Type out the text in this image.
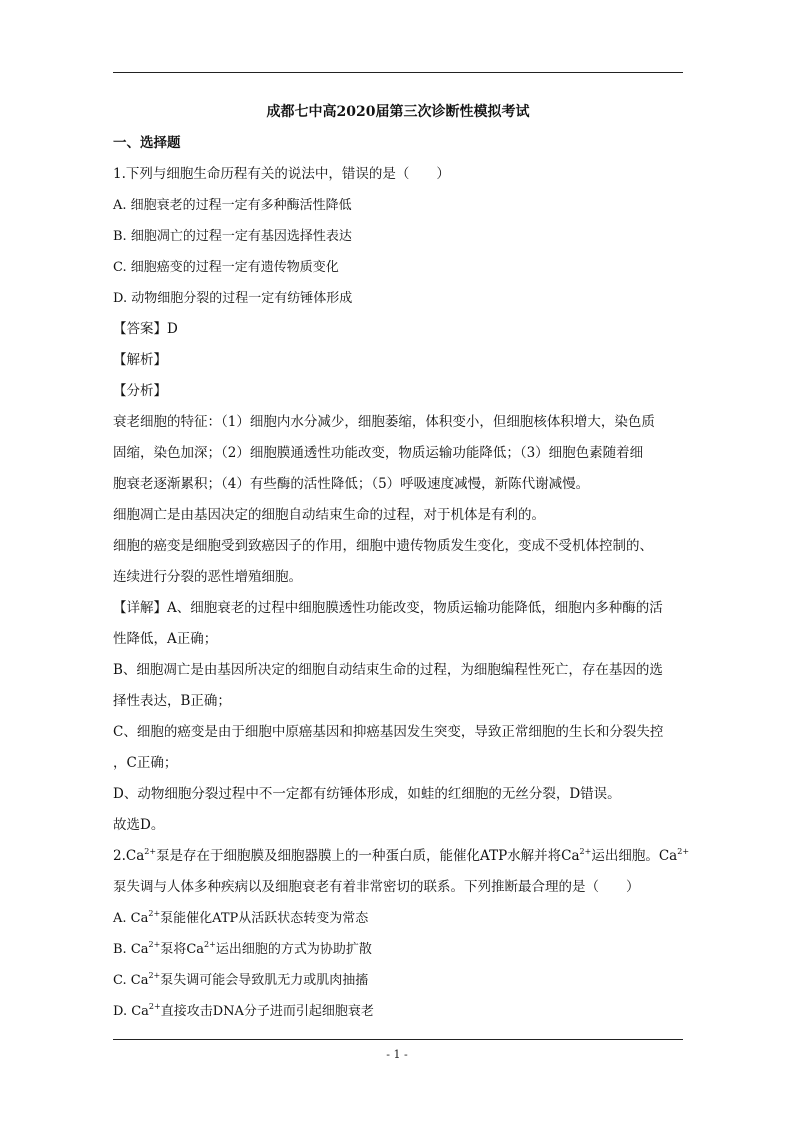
成都七中高2020届第三次诊断性模拟考试
一、选择题
1.下列与细胞生命历程有关的说法中，错误的是（　　）
A. 细胞衰老的过程一定有多种酶活性降低
B. 细胞凋亡的过程一定有基因选择性表达
C. 细胞癌变的过程一定有遗传物质变化
D. 动物细胞分裂的过程一定有纺锤体形成
【答案】D
【解析】
【分析】
衰老细胞的特征：（1）细胞内水分减少，细胞萎缩，体积变小，但细胞核体积增大，染色质
固缩，染色加深；（2）细胞膜通透性功能改变，物质运输功能降低；（3）细胞色素随着细
胞衰老逐渐累积；（4）有些酶的活性降低；（5）呼吸速度减慢，新陈代谢减慢。
细胞凋亡是由基因决定的细胞自动结束生命的过程，对于机体是有利的。
细胞的癌变是细胞受到致癌因子的作用，细胞中遗传物质发生变化，变成不受机体控制的、
连续进行分裂的恶性增殖细胞。
【详解】A、细胞衰老的过程中细胞膜透性功能改变，物质运输功能降低，细胞内多种酶的活
性降低，A正确；
B、细胞凋亡是由基因所决定的细胞自动结束生命的过程，为细胞编程性死亡，存在基因的选
择性表达，B正确；
C、细胞的癌变是由于细胞中原癌基因和抑癌基因发生突变，导致正常细胞的生长和分裂失控
，C正确；
D、动物细胞分裂过程中不一定都有纺锤体形成，如蛙的红细胞的无丝分裂，D错误。
故选D。
$2.Ca^{2+}$泵是存在于细胞膜及细胞器膜上的一种蛋白质，能催化ATP水解并将$Ca^{2+}$运出细胞。$Ca^{2+}$
泵失调与人体多种疾病以及细胞衰老有着非常密切的联系。下列推断最合理的是（　　）
A. $Ca^{2+}$泵能催化ATP从活跃状态转变为常态
B. $Ca^{2+}$泵将$Ca^{2+}$运出细胞的方式为协助扩散
C. $Ca^{2+}$泵失调可能会导致肌无力或肌肉抽搐
D. $Ca^{2+}$直接攻击DNA分子进而引起细胞衰老
- 1 -
